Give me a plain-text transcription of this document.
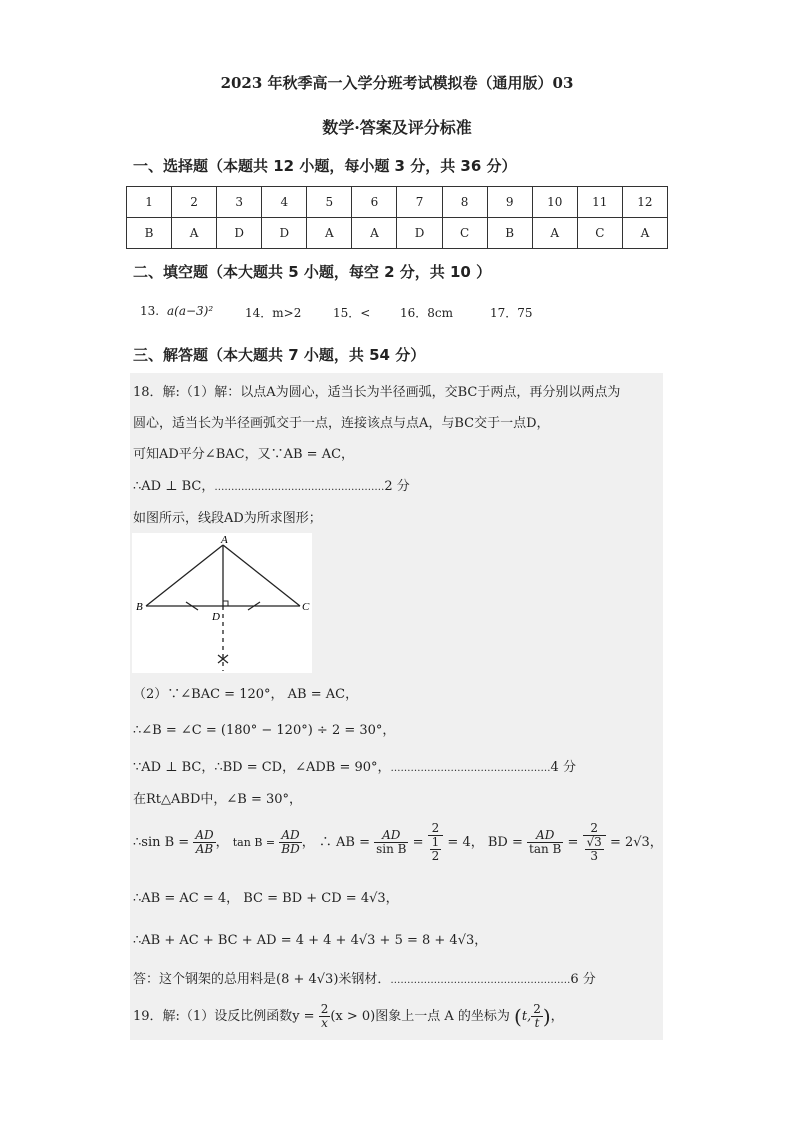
2023 年秋季高一入学分班考试模拟卷（通用版）03
数学·答案及评分标准
一、选择题（本题共 12 小题，每小题 3 分，共 36 分）
1	2	3	4	5	6	7	8	9	10	11	12
B	A	D	D	A	A	D	C	B	A	C	A
二、填空题（本大题共 5 小题，每空 2 分，共 10 ）
13. a(a−3)²	14．m>2	15．< 16．8cm	17．75
三、解答题（本大题共 7 小题，共 54 分）
18．解:（1）解：以点A为圆心，适当长为半径画弧，交BC于两点，再分别以两点为
圆心，适当长为半径画弧交于一点，连接该点与点A，与BC交于一点D，
可知AD平分∠BAC，又∵AB = AC，
∴AD ⊥ BC，……………………………………………2 分
如图所示，线段AD为所求图形；
A
B	C
D
（2）∵∠BAC = 120°， AB = AC，
∴∠B = ∠C = (180° − 120°) ÷ 2 = 30°，
∵AD ⊥ BC，∴BD = CD，∠ADB = 90°，…………………………………………4 分
在Rt△ABD中，∠B = 30°，
∴sin $B = \frac{AD}{AB}$ ， $\tan B = \frac{AD}{BD}$ ， ∴ AB = $\frac{AD}{\text{sin B}} = \frac{2}{\frac{1}{2}} = 4$， BD = $\frac{AD}{\text{tan B}} = \frac{2}{\frac{√3}{3}} = 2√3$，
∴AB = AC = 4， BC = BD + CD = 4√3，
∴AB + AC + BC + AD = 4 + 4 + 4√3 + 5 = 8 + 4√3，
答：这个钢架的总用料是(8 + 4√3)米钢材．………………………………………………6 分
19．解:（1）设反比例函数$y = \frac{2}{x} (x > 0)$图象上一点 A 的坐标为 (t, $\frac{2}{t}$ )，
